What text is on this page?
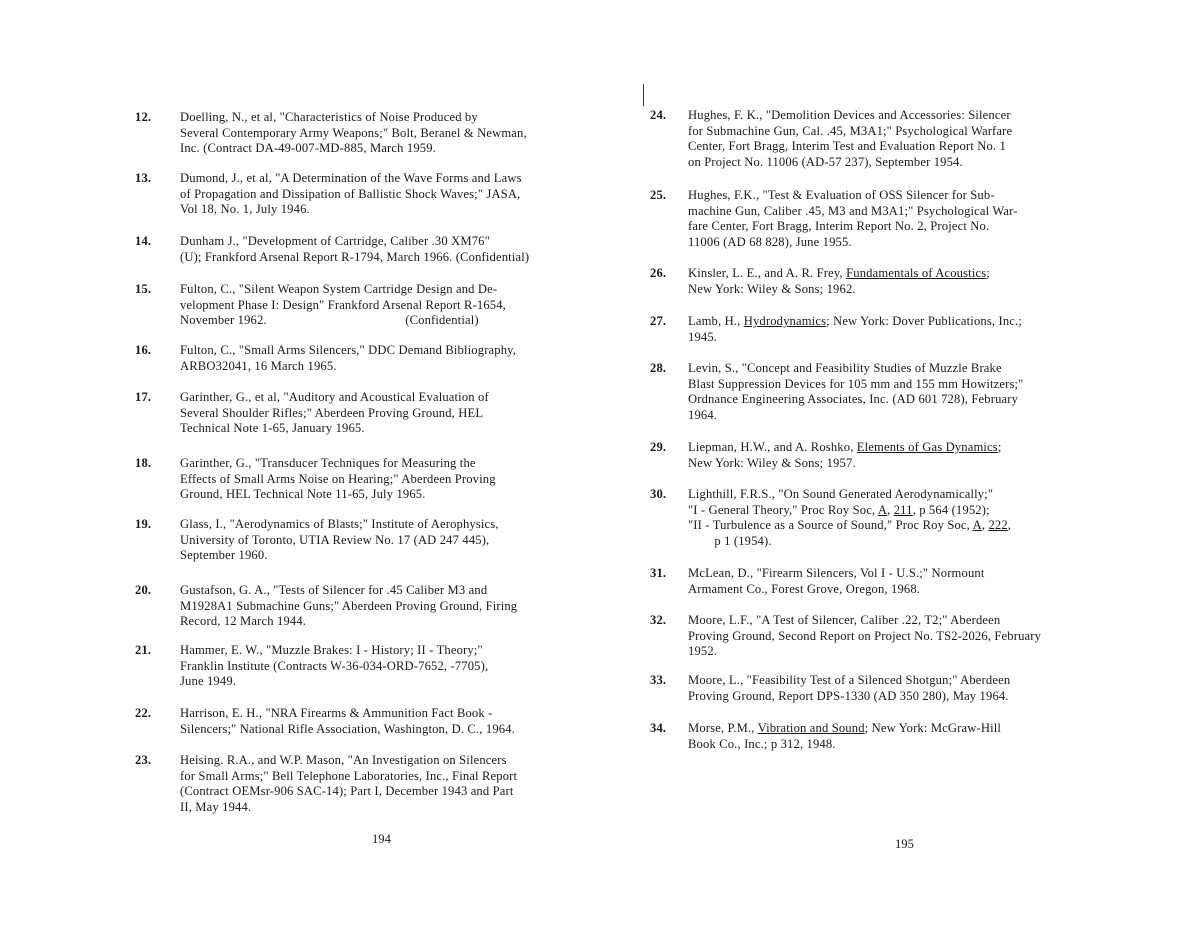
12. Doelling, N., et al, "Characteristics of Noise Produced by
Several Contemporary Army Weapons;" Bolt, Beranel & Newman,
Inc. (Contract DA-49-007-MD-885, March 1959.
13. Dumond, J., et al, "A Determination of the Wave Forms and Laws
of Propagation and Dissipation of Ballistic Shock Waves;" JASA,
Vol 18, No. 1, July 1946.
14. Dunham J., "Development of Cartridge, Caliber .30 XM76"
(U); Frankford Arsenal Report R-1794, March 1966. (Confidential)
15. Fulton, C., "Silent Weapon System Cartridge Design and De-
velopment Phase I: Design" Frankford Arsenal Report R-1654,
November 1962.                                          (Confidential)
16. Fulton, C., "Small Arms Silencers," DDC Demand Bibliography,
ARBO32041, 16 March 1965.
17. Garinther, G., et al, "Auditory and Acoustical Evaluation of
Several Shoulder Rifles;" Aberdeen Proving Ground, HEL
Technical Note 1-65, January 1965.
18. Garinther, G., "Transducer Techniques for Measuring the
Effects of Small Arms Noise on Hearing;" Aberdeen Proving
Ground, HEL Technical Note 11-65, July 1965.
19. Glass, I., "Aerodynamics of Blasts;" Institute of Aerophysics,
University of Toronto, UTIA Review No. 17 (AD 247 445),
September 1960.
20. Gustafson, G. A., "Tests of Silencer for .45 Caliber M3 and
M1928A1 Submachine Guns;" Aberdeen Proving Ground, Firing
Record, 12 March 1944.
21. Hammer, E. W., "Muzzle Brakes: I - History; II - Theory;"
Franklin Institute (Contracts W-36-034-ORD-7652, -7705),
June 1949.
22. Harrison, E. H., "NRA Firearms & Ammunition Fact Book -
Silencers;" National Rifle Association, Washington, D. C., 1964.
23. Heising. R.A., and W.P. Mason, "An Investigation on Silencers
for Small Arms;" Bell Telephone Laboratories, Inc., Final Report
(Contract OEMsr-906 SAC-14); Part I, December 1943 and Part
II, May 1944.
194
24. Hughes, F. K., "Demolition Devices and Accessories: Silencer
for Submachine Gun, Cal. .45, M3A1;" Psychological Warfare
Center, Fort Bragg, Interim Test and Evaluation Report No. 1
on Project No. 11006 (AD-57 237), September 1954.
25. Hughes, F.K., "Test & Evaluation of OSS Silencer for Sub-
machine Gun, Caliber .45, M3 and M3A1;" Psychological War-
fare Center, Fort Bragg, Interim Report No. 2, Project No.
11006 (AD 68 828), June 1955.
26. Kinsler, L. E., and A. R. Frey, Fundamentals of Acoustics;
New York: Wiley & Sons; 1962.
27. Lamb, H., Hydrodynamics; New York: Dover Publications, Inc.;
1945.
28. Levin, S., "Concept and Feasibility Studies of Muzzle Brake
Blast Suppression Devices for 105 mm and 155 mm Howitzers;"
Ordnance Engineering Associates, Inc. (AD 601 728), February
1964.
29. Liepman, H.W., and A. Roshko, Elements of Gas Dynamics;
New York: Wiley & Sons; 1957.
30. Lighthill, F.R.S., "On Sound Generated Aerodynamically;"
"I - General Theory," Proc Roy Soc, A, 211, p 564 (1952);
"II - Turbulence as a Source of Sound," Proc Roy Soc, A, 222,
p 1 (1954).
31. McLean, D., "Firearm Silencers, Vol I - U.S.;" Normount
Armament Co., Forest Grove, Oregon, 1968.
32. Moore, L.F., "A Test of Silencer, Caliber .22, T2;" Aberdeen
Proving Ground, Second Report on Project No. TS2-2026, February
1952.
33. Moore, L., "Feasibility Test of a Silenced Shotgun;" Aberdeen
Proving Ground, Report DPS-1330 (AD 350 280), May 1964.
34. Morse, P.M., Vibration and Sound; New York: McGraw-Hill
Book Co., Inc.; p 312, 1948.
195
